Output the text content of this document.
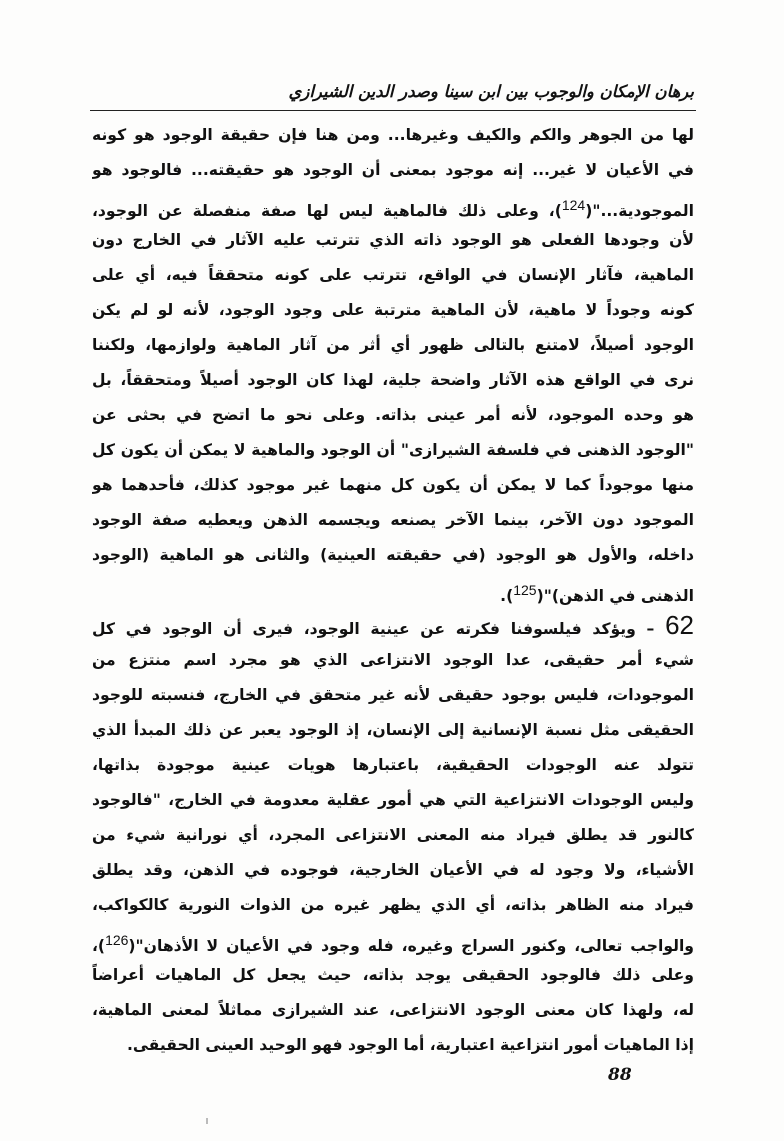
برهان الإمكان والوجوب بين ابن سينا وصدر الدين الشيرازي
لها من الجوهر والكم والكيف وغيرها... ومن هنا فإن حقيقة الوجود هو كونه
في الأعيان لا غير... إنه موجود بمعنى أن الوجود هو حقيقته... فالوجود هو
الموجودية..."(124)، وعلى ذلك فالماهية ليس لها صفة منفصلة عن الوجود،
لأن وجودها الفعلى هو الوجود ذاته الذي تترتب عليه الآثار في الخارج دون
الماهية، فآثار الإنسان في الواقع، تترتب على كونه متحققاً فيه، أي على
كونه وجوداً لا ماهية، لأن الماهية مترتبة على وجود الوجود، لأنه لو لم يكن
الوجود أصيلاً، لامتنع بالتالى ظهور أي أثر من آثار الماهية ولوازمها، ولكننا
نرى في الواقع هذه الآثار واضحة جلية، لهذا كان الوجود أصيلاً ومتحققاً، بل
هو وحده الموجود، لأنه أمر عينى بذاته. وعلى نحو ما اتضح في بحثى عن
"الوجود الذهنى في فلسفة الشيرازى" أن الوجود والماهية لا يمكن أن يكون كل
منها موجوداً كما لا يمكن أن يكون كل منهما غير موجود كذلك، فأحدهما هو
الموجود دون الآخر، بينما الآخر يصنعه ويجسمه الذهن ويعطيه صفة الوجود
داخله، والأول هو الوجود (في حقيقته العينية) والثانى هو الماهية (الوجود
الذهنى في الذهن)"(125).
62 – ويؤكد فيلسوفنا فكرته عن عينية الوجود، فيرى أن الوجود في كل
شيء أمر حقيقى، عدا الوجود الانتزاعى الذي هو مجرد اسم منتزع من
الموجودات، فليس بوجود حقيقى لأنه غير متحقق في الخارج، فنسبته للوجود
الحقيقى مثل نسبة الإنسانية إلى الإنسان، إذ الوجود يعبر عن ذلك المبدأ الذي
تتولد عنه الوجودات الحقيقية، باعتبارها هويات عينية موجودة بذاتها،
وليس الوجودات الانتزاعية التي هي أمور عقلية معدومة في الخارج، "فالوجود
كالنور قد يطلق فيراد منه المعنى الانتزاعى المجرد، أي نورانية شيء من
الأشياء، ولا وجود له في الأعيان الخارجية، فوجوده في الذهن، وقد يطلق
فيراد منه الظاهر بذاته، أي الذي يظهر غيره من الذوات النورية كالكواكب،
والواجب تعالى، وكنور السراج وغيره، فله وجود في الأعيان لا الأذهان"(126)،
وعلى ذلك فالوجود الحقيقى يوجد بذاته، حيث يجعل كل الماهيات أعراضاً
له، ولهذا كان معنى الوجود الانتزاعى، عند الشيرازى مماثلاً لمعنى الماهية،
إذا الماهيات أمور انتزاعية اعتبارية، أما الوجود فهو الوحيد العينى الحقيقى.
88
